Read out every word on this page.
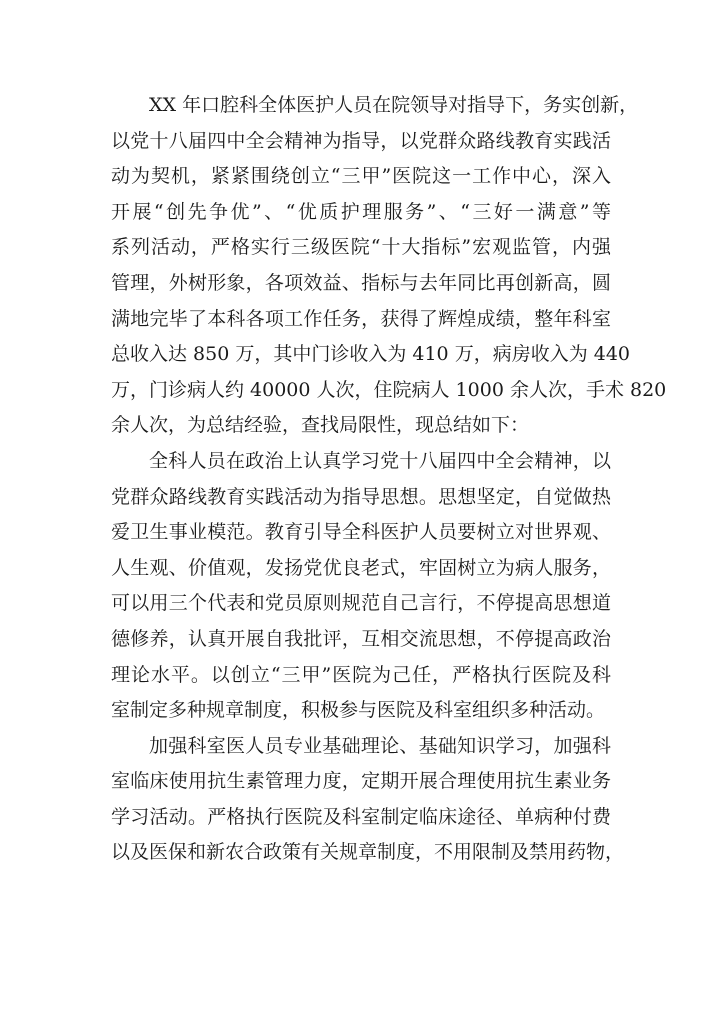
XX 年口腔科全体医护人员在院领导对指导下，务实创新，
以党十八届四中全会精神为指导，以党群众路线教育实践活
动为契机，紧紧围绕创立“三甲”医院这一工作中心，深入
开展“创先争优”、“优质护理服务”、“三好一满意”等
系列活动，严格实行三级医院“十大指标”宏观监管，内强
管理，外树形象，各项效益、指标与去年同比再创新高，圆
满地完毕了本科各项工作任务，获得了辉煌成绩，整年科室
总收入达 850 万，其中门诊收入为 410 万，病房收入为 440
万，门诊病人约 40000 人次，住院病人 1000 余人次，手术 820
余人次，为总结经验，查找局限性，现总结如下：
全科人员在政治上认真学习党十八届四中全会精神，以
党群众路线教育实践活动为指导思想。思想坚定，自觉做热
爱卫生事业模范。教育引导全科医护人员要树立对世界观、
人生观、价值观，发扬党优良老式，牢固树立为病人服务，
可以用三个代表和党员原则规范自己言行，不停提高思想道
德修养，认真开展自我批评，互相交流思想，不停提高政治
理论水平。以创立“三甲”医院为己任，严格执行医院及科
室制定多种规章制度，积极参与医院及科室组织多种活动。
加强科室医人员专业基础理论、基础知识学习，加强科
室临床使用抗生素管理力度，定期开展合理使用抗生素业务
学习活动。严格执行医院及科室制定临床途径、单病种付费
以及医保和新农合政策有关规章制度，不用限制及禁用药物，
